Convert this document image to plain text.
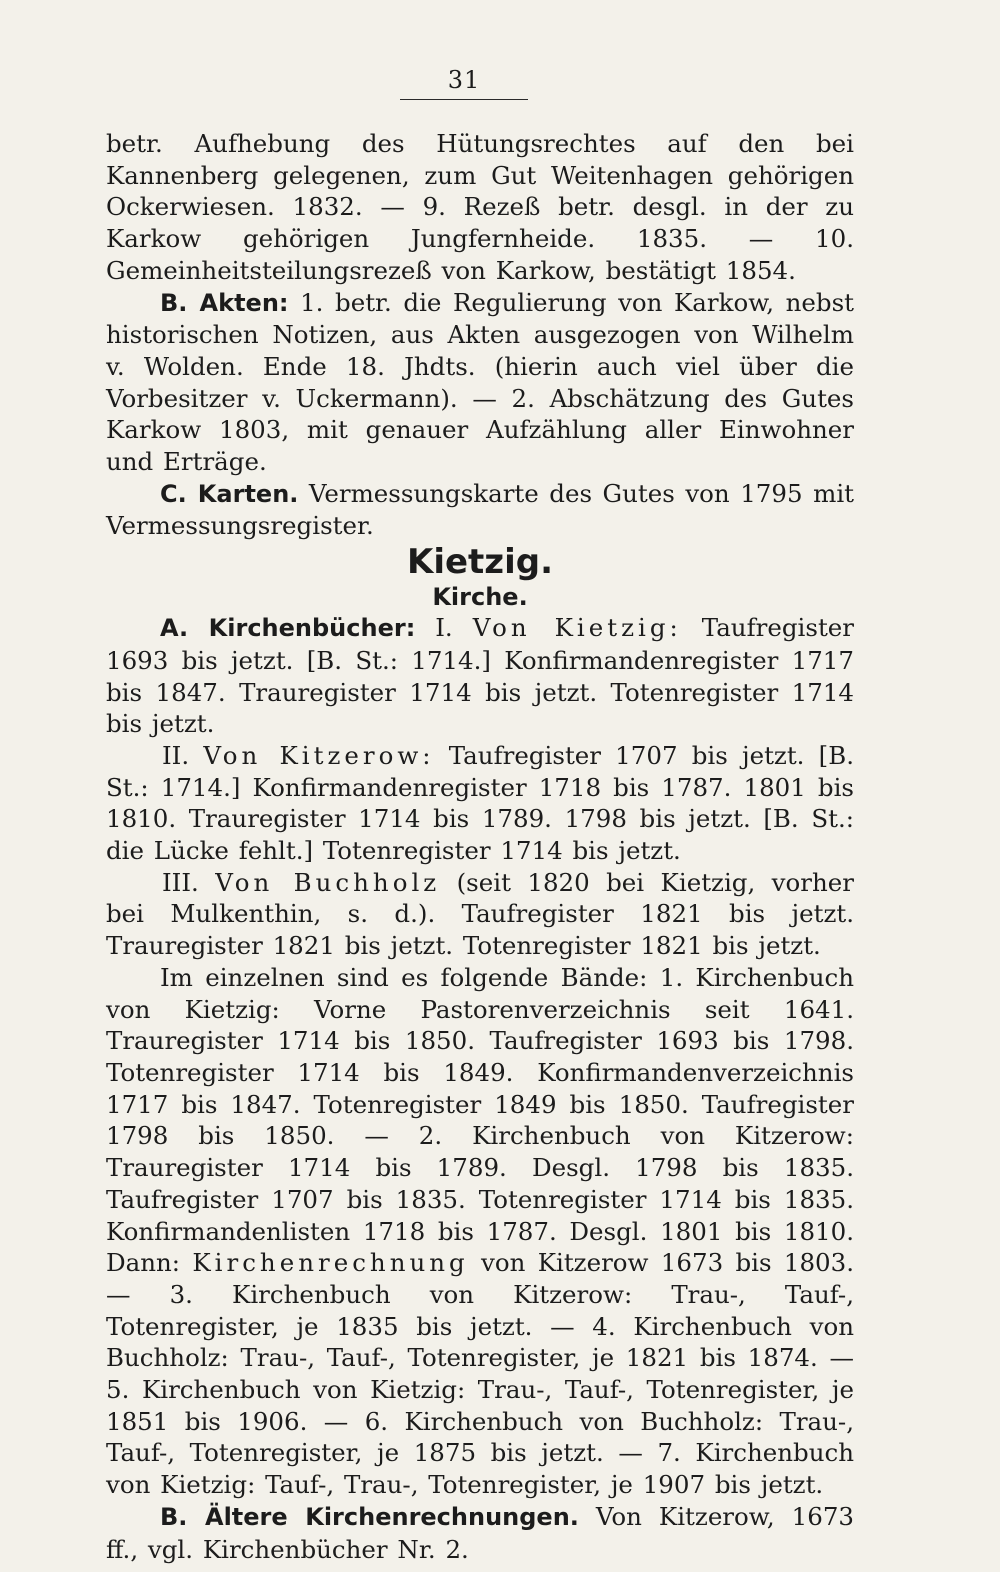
31

betr. Aufhebung des Hütungsrechtes auf den bei Kannenberg gelegenen, zum Gut Weitenhagen gehörigen Ockerwiesen. 1832. — 9. Rezeß betr. desgl. in der zu Karkow gehörigen Jungfernheide. 1835. — 10. Gemeinheitsteilungsrezeß von Karkow, bestätigt 1854.

B. Akten: 1. betr. die Regulierung von Karkow, nebst historischen Notizen, aus Akten ausgezogen von Wilhelm v. Wolden. Ende 18. Jhdts. (hierin auch viel über die Vorbesitzer v. Uckermann). — 2. Abschätzung des Gutes Karkow 1803, mit genauer Aufzählung aller Einwohner und Erträge.

C. Karten. Vermessungskarte des Gutes von 1795 mit Vermessungsregister.

Kietzig.

Kirche.

A. Kirchenbücher: I. Von Kietzig: Taufregister 1693 bis jetzt. [B. St.: 1714.] Konfirmandenregister 1717 bis 1847. Trauregister 1714 bis jetzt. Totenregister 1714 bis jetzt.

II. Von Kitzerow: Taufregister 1707 bis jetzt. [B. St.: 1714.] Konfirmandenregister 1718 bis 1787. 1801 bis 1810. Trauregister 1714 bis 1789. 1798 bis jetzt. [B. St.: die Lücke fehlt.] Totenregister 1714 bis jetzt.

III. Von Buchholz (seit 1820 bei Kietzig, vorher bei Mulkenthin, s. d.). Taufregister 1821 bis jetzt. Trauregister 1821 bis jetzt. Totenregister 1821 bis jetzt.

Im einzelnen sind es folgende Bände: 1. Kirchenbuch von Kietzig: Vorne Pastorenverzeichnis seit 1641. Trauregister 1714 bis 1850. Taufregister 1693 bis 1798. Totenregister 1714 bis 1849. Konfirmandenverzeichnis 1717 bis 1847. Totenregister 1849 bis 1850. Taufregister 1798 bis 1850. — 2. Kirchenbuch von Kitzerow: Trauregister 1714 bis 1789. Desgl. 1798 bis 1835. Taufregister 1707 bis 1835. Totenregister 1714 bis 1835. Konfirmandenlisten 1718 bis 1787. Desgl. 1801 bis 1810. Dann: Kirchenrechnung von Kitzerow 1673 bis 1803. — 3. Kirchenbuch von Kitzerow: Trau-, Tauf-, Totenregister, je 1835 bis jetzt. — 4. Kirchenbuch von Buchholz: Trau-, Tauf-, Totenregister, je 1821 bis 1874. — 5. Kirchenbuch von Kietzig: Trau-, Tauf-, Totenregister, je 1851 bis 1906. — 6. Kirchenbuch von Buchholz: Trau-, Tauf-, Totenregister, je 1875 bis jetzt. — 7. Kirchenbuch von Kietzig: Tauf-, Trau-, Totenregister, je 1907 bis jetzt.

B. Ältere Kirchenrechnungen. Von Kitzerow, 1673 ff., vgl. Kirchenbücher Nr. 2.
